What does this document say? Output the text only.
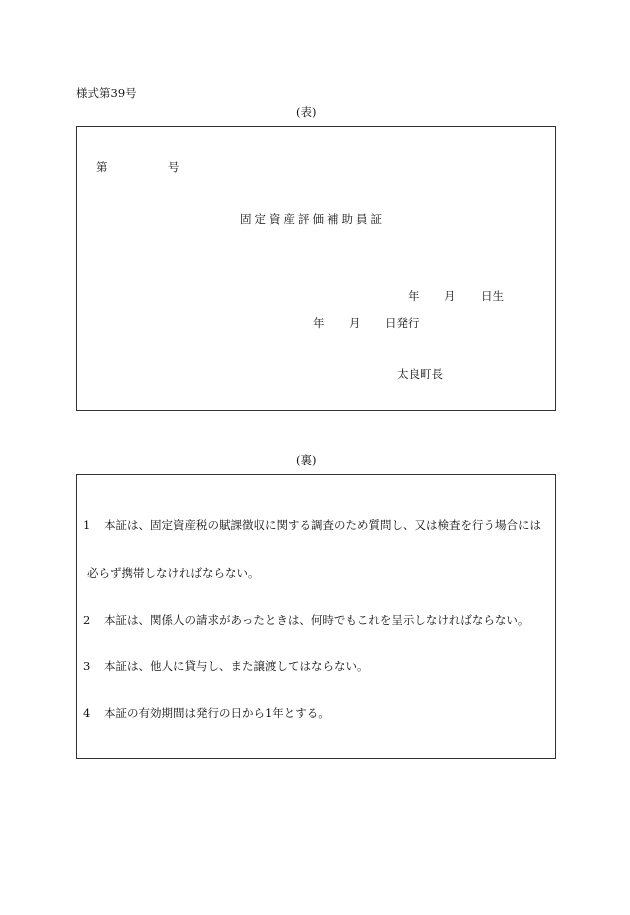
様式第39号
(表)
第	号
固定資産評価補助員証
年 月 日生
年 月 日発行
太良町長
(裏)
1 本証は、固定資産税の賦課徴収に関する調査のため質問し、又は検査を行う場合には
必らず携帯しなければならない。
2 本証は、関係人の請求があったときは、何時でもこれを呈示しなければならない。
3 本証は、他人に貸与し、また譲渡してはならない。
4 本証の有効期間は発行の日から1年とする。
